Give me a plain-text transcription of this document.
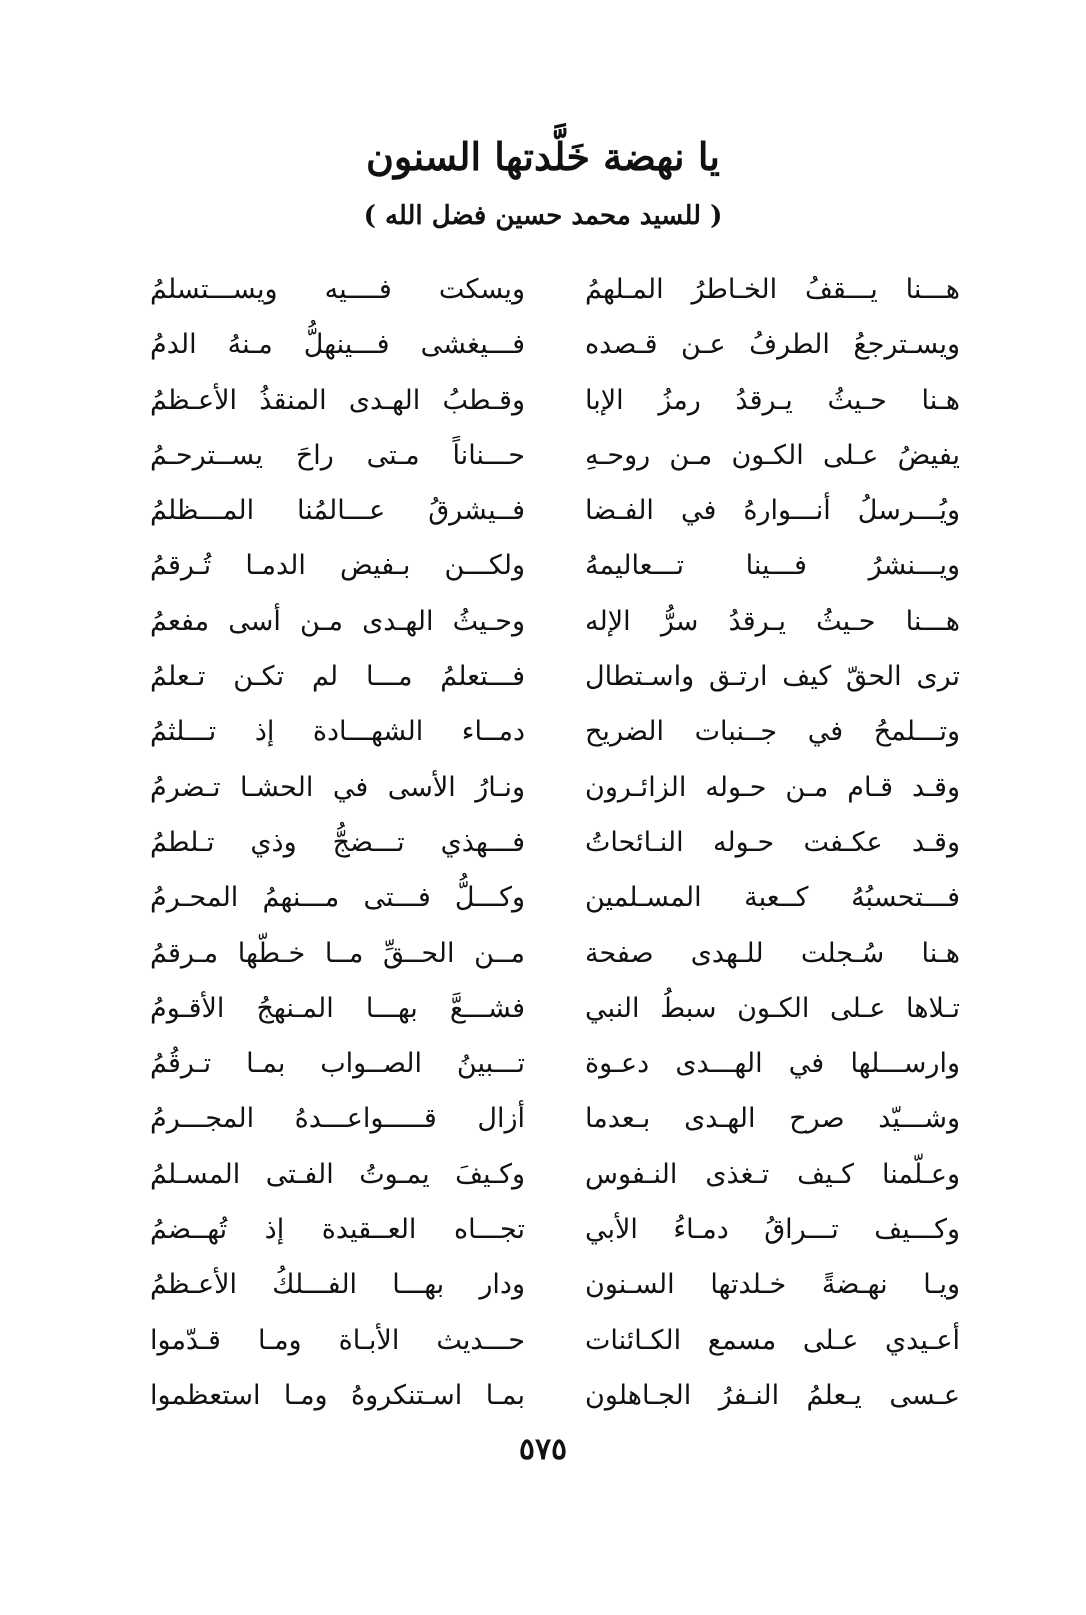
يا نهضة خَلَّدتها السنون
( للسيد محمد حسين فضل الله )
هـــنا يـــقفُ الخـاطرُ المـلهمُ
ويسكت فــــيه ويســـتسلمُ
ويسـترجعُ الطرفُ عـن قـصده
فـــيغشى فـــينهلُّ مـنهُ الدمُ
هـنا حـيثُ يـرقدُ رمزُ الإبا
وقـطبُ الهـدى المنقذُ الأعـظمُ
يفيضُ عـلى الكـون مـن روحـهِ
حـــناناً مـتى راحَ يســترحـمُ
ويُـــرسلُ أنـــوارهُ في الفـضا
فــيشرقُ عـــالمُنا المـــظلمُ
ويـــنشرُ فـــينا تـــعاليمهُ
ولكـــن بـفيض الدمـا تُـرقمُ
هـــنا حـيثُ يـرقدُ سرُّ الإله
وحـيثُ الهـدى مـن أسى مفعمُ
ترى الحقّ كيف ارتـق واسـتطال
فـــتعلمُ مـــا لم تكـن تـعلمُ
وتـــلمحُ في جــنبات الضريح
دمــاء الشهـــادة إذ تـــلثمُ
وقـد قـام مـن حـوله الزائـرون
ونـارُ الأسى في الحشـا تـضرمُ
وقـد عكـفت حـوله النـائحاتُ
فـــهذي تـــضجُّ وذي تـلطمُ
فـــتحسبُهُ كــعبة المسـلمين
وكـــلُّ فـــتى مـــنهمُ المحـرمُ
هـنا سُـجلت للـهدى صفحة
مــن الحــقِّ مــا خـطّها مـرقمُ
تـلاها عـلى الكـون سبطُ النبي
فشـــعَّ بهـــا المـنهجُ الأقـومُ
وارســـلها في الهـــدى دعـوة
تـــبينُ الصــواب بمـا تـرقُمُ
وشـــيّد صرح الهـدى بـعدما
أزال قـــــواعـــدهُ المجـــرمُ
وعـلّمنا كـيف تـغذى النـفوس
وكـيفَ يمـوتُ الفـتى المسـلمُ
وكـــيف تـــراقُ دمـاءُ الأبي
تجـــاه العــقيدة إذ تُهــضمُ
ويـا نهـضةً خـلدتها السـنون
ودار بهـــا الفـــلكُ الأعـظمُ
أعـيدي عـلى مسمع الكـائنات
حـــديث الأبـاة ومـا قـدّموا
عـسى يـعلمُ النـفرُ الجـاهلون
بمـا اسـتنكروهُ ومـا استعظموا
٥٧٥
